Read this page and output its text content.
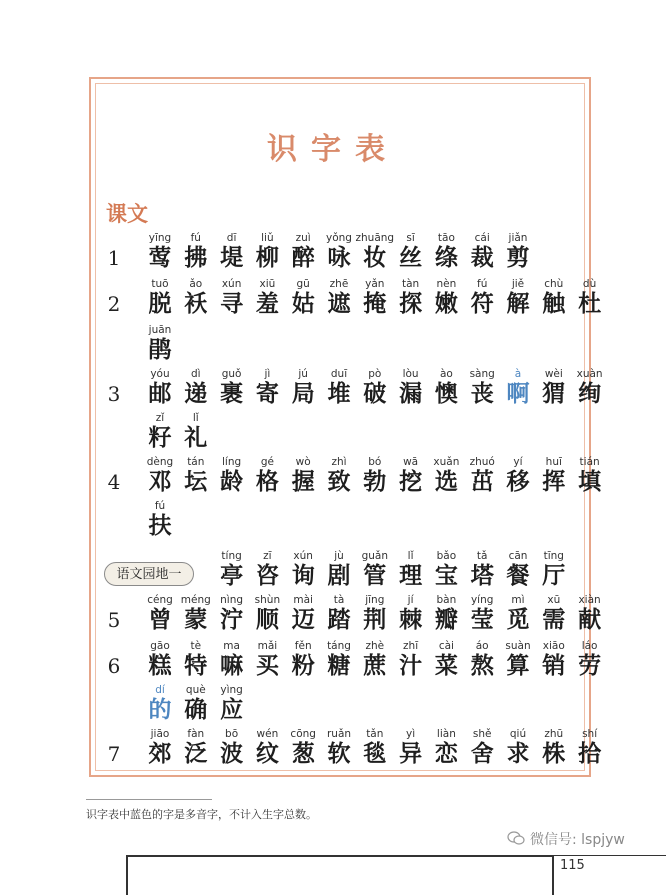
识字表
课文
1
yīng
莺
fú
拂
dī
堤
liǔ
柳
zuì
醉
yǒng
咏
zhuāng
妆
sī
丝
tāo
绦
cái
裁
jiǎn
剪
2
tuō
脱
ǎo
袄
xún
寻
xiū
羞
gū
姑
zhē
遮
yǎn
掩
tàn
探
nèn
嫩
fú
符
jiě
解
chù
触
dù
杜
juān
鹃
3
yóu
邮
dì
递
guǒ
裹
jì
寄
jú
局
duī
堆
pò
破
lòu
漏
ào
懊
sàng
丧
à
啊
wèi
猬
xuàn
绚
zǐ
籽
lǐ
礼
4
dèng
邓
tán
坛
líng
龄
gé
格
wò
握
zhì
致
bó
勃
wā
挖
xuǎn
选
zhuó
茁
yí
移
huī
挥
tián
填
fú
扶
tíng
亭
zī
咨
xún
询
jù
剧
guǎn
管
lǐ
理
bǎo
宝
tǎ
塔
cān
餐
tīng
厅
5
céng
曾
méng
蒙
nìng
泞
shùn
顺
mài
迈
tà
踏
jīng
荆
jí
棘
bàn
瓣
yíng
莹
mì
觅
xū
需
xiàn
献
6
gāo
糕
tè
特
ma
嘛
mǎi
买
fěn
粉
táng
糖
zhè
蔗
zhī
汁
cài
菜
áo
熬
suàn
算
xiāo
销
láo
劳
dí
的
què
确
yìng
应
7
jiāo
郊
fàn
泛
bō
波
wén
纹
cōng
葱
ruǎn
软
tǎn
毯
yì
异
liàn
恋
shě
舍
qiú
求
zhū
株
shí
拾
语文园地一
识字表中蓝色的字是多音字，不计入生字总数。
微信号: lspjyw
115
